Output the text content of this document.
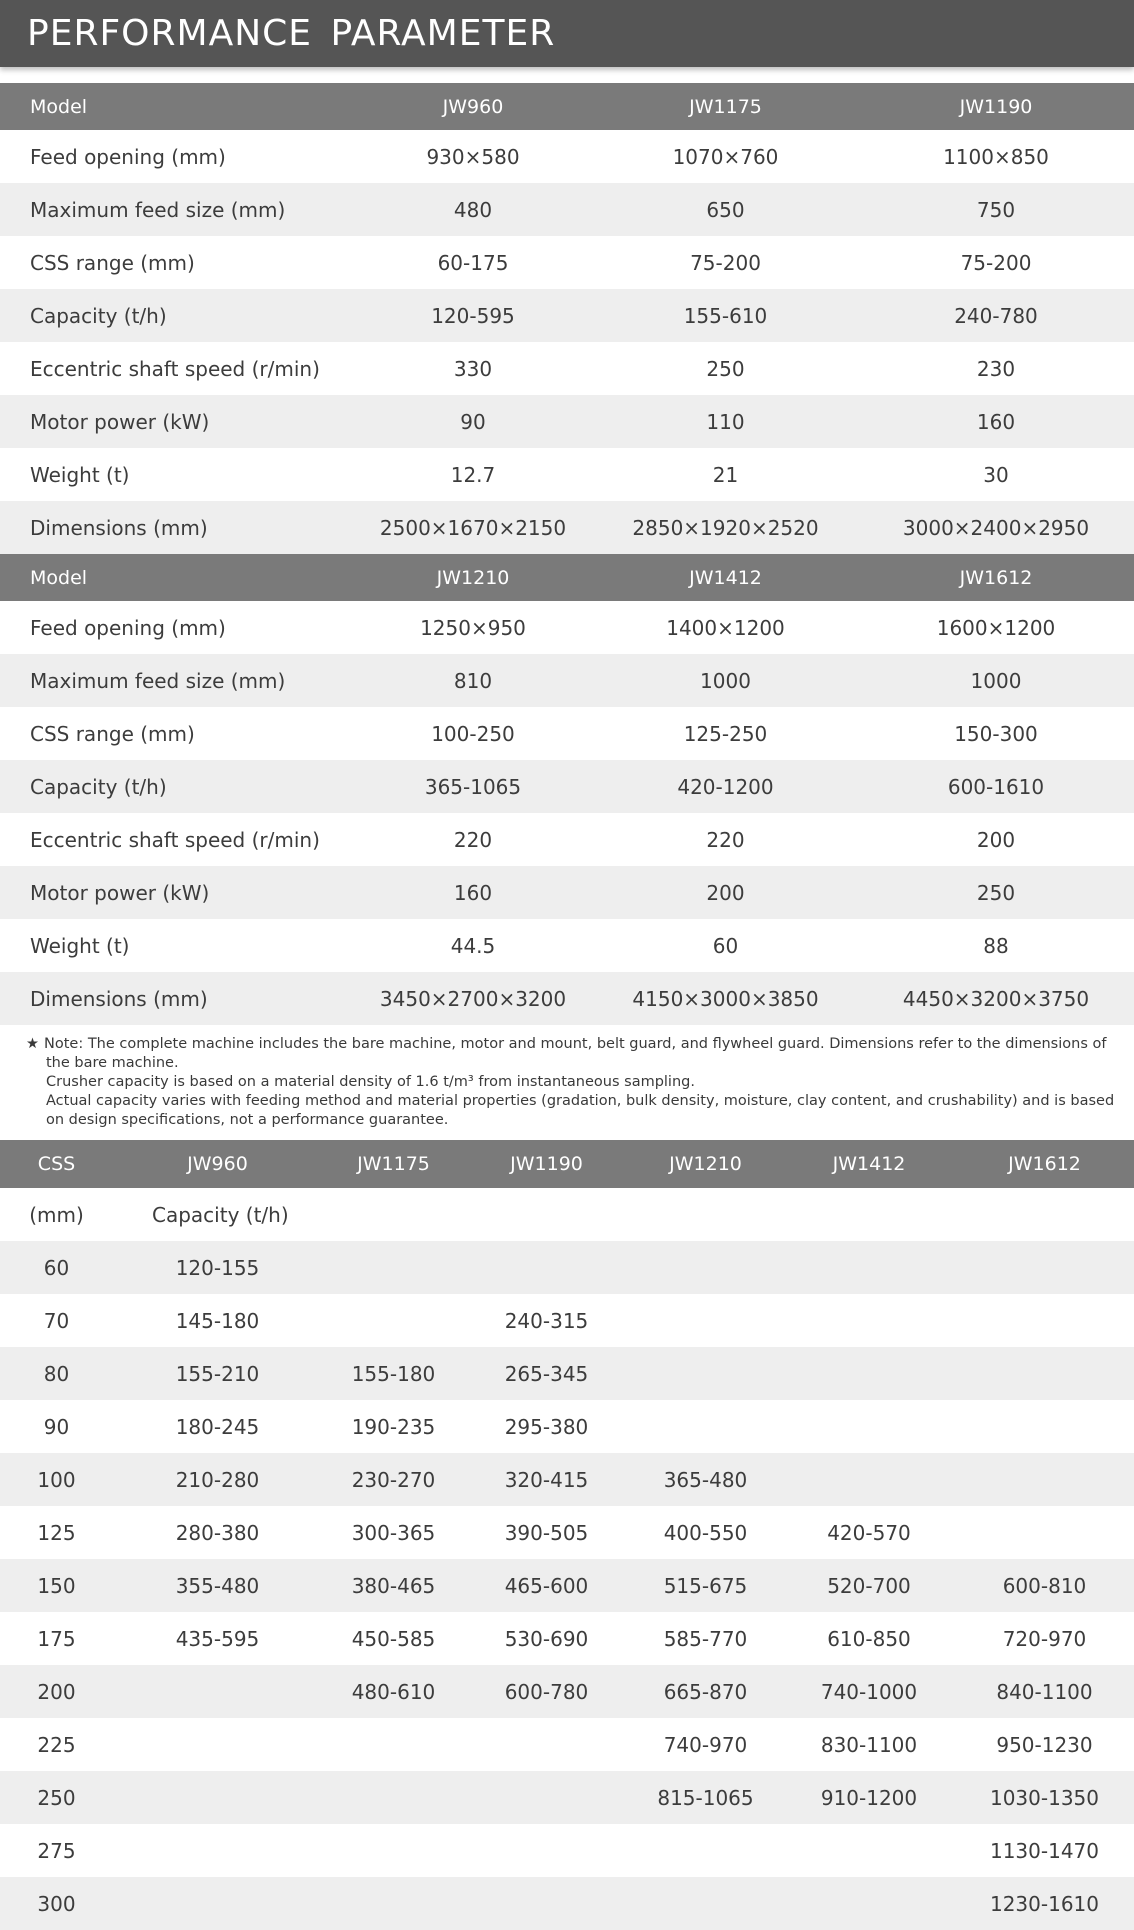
PERFORMANCE PARAMETER
Model	JW960	JW1175	JW1190
Feed opening (mm)	930×580	1070×760	1100×850
Maximum feed size (mm)	480	650	750
CSS range (mm)	60-175	75-200	75-200
Capacity (t/h)	120-595	155-610	240-780
Eccentric shaft speed (r/min)	330	250	230
Motor power (kW)	90	110	160
Weight (t)	12.7	21	30
Dimensions (mm)	2500×1670×2150	2850×1920×2520	3000×2400×2950
Model	JW1210	JW1412	JW1612
Feed opening (mm)	1250×950	1400×1200	1600×1200
Maximum feed size (mm)	810	1000	1000
CSS range (mm)	100-250	125-250	150-300
Capacity (t/h)	365-1065	420-1200	600-1610
Eccentric shaft speed (r/min)	220	220	200
Motor power (kW)	160	200	250
Weight (t)	44.5	60	88
Dimensions (mm)	3450×2700×3200	4150×3000×3850	4450×3200×3750
★ Note: The complete machine includes the bare machine, motor and mount, belt guard, and flywheel guard. Dimensions refer to the dimensions of
the bare machine.
Crusher capacity is based on a material density of 1.6 t/m³ from instantaneous sampling.
Actual capacity varies with feeding method and material properties (gradation, bulk density, moisture, clay content, and crushability) and is based
on design specifications, not a performance guarantee.
CSS	JW960	JW1175	JW1190	JW1210	JW1412	JW1612
(mm)	Capacity (t/h)					
60	120-155					
70	145-180		240-315			
80	155-210	155-180	265-345			
90	180-245	190-235	295-380			
100	210-280	230-270	320-415	365-480		
125	280-380	300-365	390-505	400-550	420-570	
150	355-480	380-465	465-600	515-675	520-700	600-810
175	435-595	450-585	530-690	585-770	610-850	720-970
200		480-610	600-780	665-870	740-1000	840-1100
225				740-970	830-1100	950-1230
250				815-1065	910-1200	1030-1350
275						1130-1470
300						1230-1610
